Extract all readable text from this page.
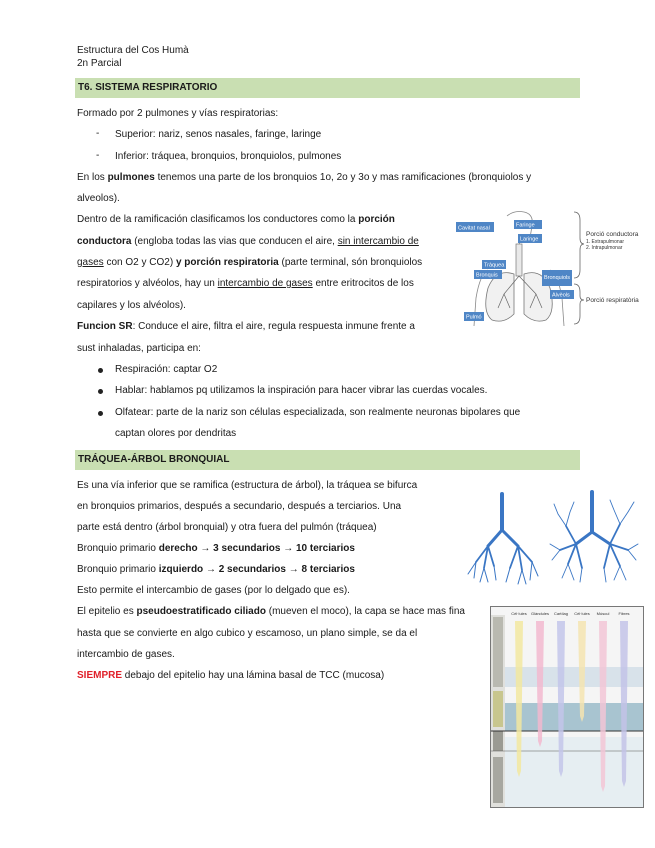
Estructura del Cos Humà
2n Parcial
T6. SISTEMA RESPIRATORIO
Formado por 2 pulmones y vías respiratorias:
- Superior: nariz, senos nasales, faringe, laringe
- Inferior: tráquea, bronquios, bronquiolos, pulmones
En los pulmones tenemos una parte de los bronquios 1o, 2o y 3o y mas ramificaciones (bronquiolos y
alveolos).
Dentro de la ramificación clasificamos los conductores como la porción
conductora (engloba todas las vias que conducen el aire, sin intercambio de
gases con O2 y CO2) y porción respiratoria (parte terminal, són bronquiolos
respiratorios y alvéolos, hay un intercambio de gases entre eritrocitos de los
capilares y los alvéolos).
Funcion SR: Conduce el aire, filtra el aire, regula respuesta inmune frente a
sust inhaladas, participa en:
Respiración: captar O2
Hablar: hablamos pq utilizamos la inspiración para hacer vibrar las cuerdas vocales.
Olfatear: parte de la nariz son células especializada, son realmente neuronas bipolares que
captan olores por dendritas
Cavitat nasal	Faringe
Laringe
Tràquea
Bronquis	Bronquiols
Alvèols
Pulmó
Porció conductora
1. Extrapulmonar
2. Intrapulmonar
Porció respiratòria
TRÁQUEA-ÁRBOL BRONQUIAL
Es una vía inferior que se ramifica (estructura de árbol), la tráquea se bifurca
en bronquios primarios, después a secundario, después a terciarios. Una
parte está dentro (árbol bronquial) y otra fuera del pulmón (tráquea)
Bronquio primario derecho → 3 secundarios → 10 terciarios
Bronquio primario izquierdo → 2 secundarios → 8 terciarios
Esto permite el intercambio de gases (por lo delgado que es).
El epitelio es pseudoestratificado ciliado (mueven el moco), la capa se hace mas fina
hasta que se convierte en algo cubico y escamoso, un plano simple, se da el
intercambio de gases.
SIEMPRE debajo del epitelio hay una lámina basal de TCC (mucosa)
Cèl·lules Glàndules Cartílag Cèl·lules Múscul Fibres
